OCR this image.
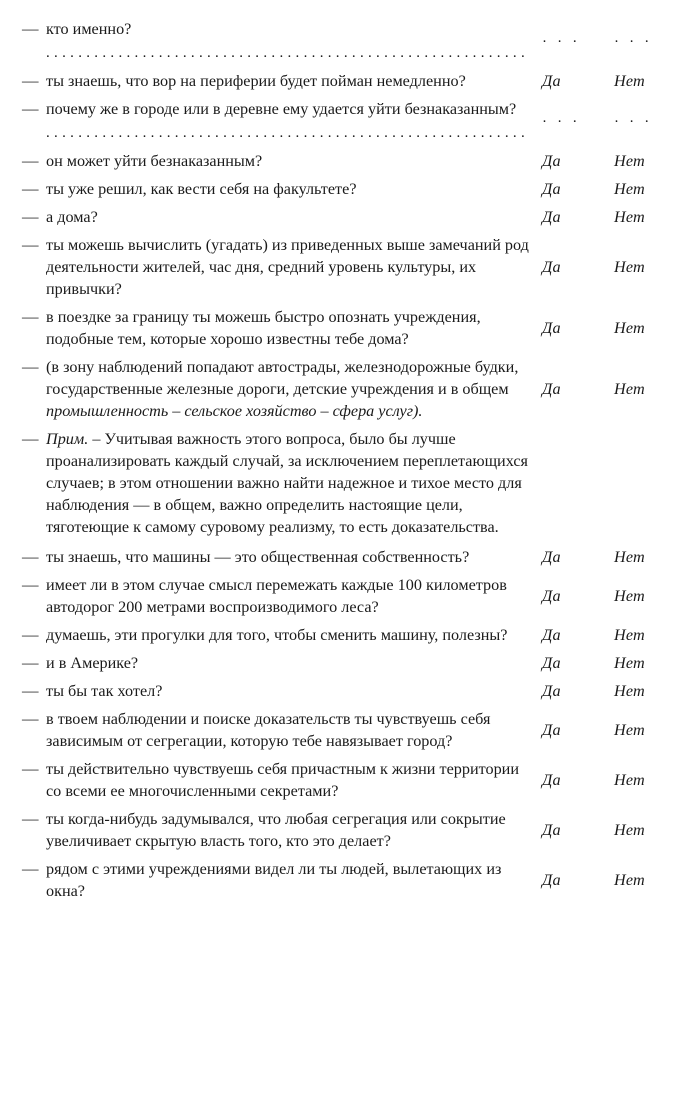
— кто именно? ............................................................
· · ·	· · ·
— ты знаешь, что вор на периферии будет пойман немедленно?	Да	Нет
— почему же в городе или в деревне ему удается уйти безнаказанным? ............................................................
· · ·	· · ·
— он может уйти безнаказанным?	Да	Нет
— ты уже решил, как вести себя на факультете?	Да	Нет
— а дома?	Да	Нет
— ты можешь вычислить (угадать) из приведенных выше замечаний род деятельности жителей, час дня, средний уровень культуры, их привычки?
Да	Нет
— в поездке за границу ты можешь быстро опознать учреждения, подобные тем, которые хорошо известны тебе дома?
Да	Нет
— (в зону наблюдений попадают автострады, железнодорожные будки, государственные железные дороги, детские учреждения и в общем промышленность – сельское хозяйство – сфера услуг).
Да	Нет
— Прим. – Учитывая важность этого вопроса, было бы лучше проанализировать каждый случай, за исключением переплетающихся случаев; в этом отношении важно найти надежное и тихое место для наблюдения — в общем, важно определить настоящие цели, тяготеющие к самому суровому реализму, то есть доказательства.
— ты знаешь, что машины — это общественная собственность?	Да	Нет
— имеет ли в этом случае смысл перемежать каждые 100 километров автодорог 200 метрами воспроизводимого леса?
Да	Нет
— думаешь, эти прогулки для того, чтобы сменить машину, полезны?	Да	Нет
— и в Америке?	Да	Нет
— ты бы так хотел?	Да	Нет
— в твоем наблюдении и поиске доказательств ты чувствуешь себя зависимым от сегрегации, которую тебе навязывает город?
Да	Нет
— ты действительно чувствуешь себя причастным к жизни территории со всеми ее многочисленными секретами?
Да	Нет
— ты когда-нибудь задумывался, что любая сегрегация или сокрытие увеличивает скрытую власть того, кто это делает?
Да	Нет
— рядом с этими учреждениями видел ли ты людей, вылетающих из окна?
Да	Нет
